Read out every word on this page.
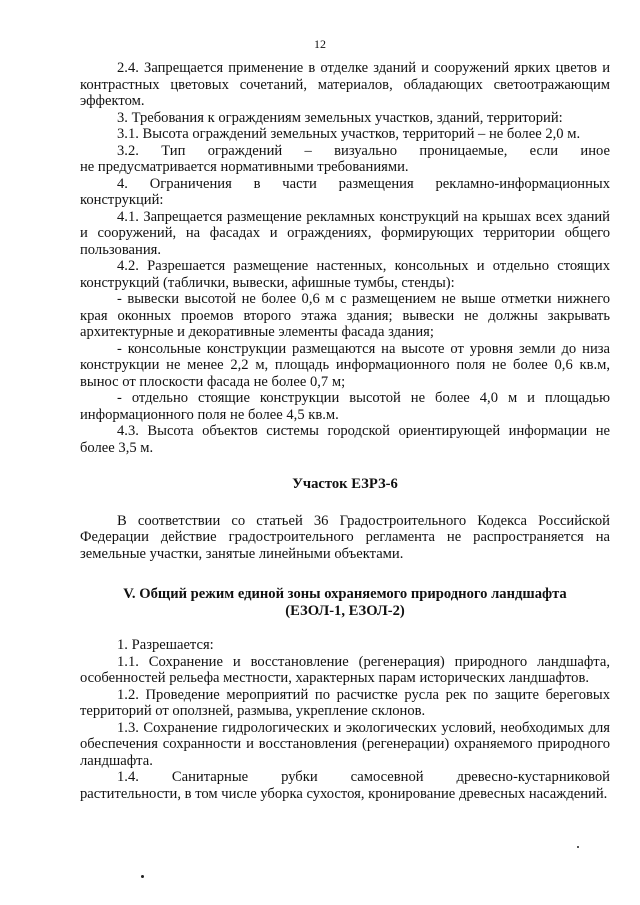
12

2.4. Запрещается применение в отделке зданий и сооружений ярких цветов и контрастных цветовых сочетаний, материалов, обладающих светоотражающим эффектом.

3. Требования к ограждениям земельных участков, зданий, территорий:

3.1. Высота ограждений земельных участков, территорий – не более 2,0 м.

3.2. Тип ограждений – визуально проницаемые, если иное

не предусматривается нормативными требованиями.

4. Ограничения в части размещения рекламно-информационных

конструкций:

4.1. Запрещается размещение рекламных конструкций на крышах всех зданий и сооружений, на фасадах и ограждениях, формирующих территории общего пользования.

4.2. Разрешается размещение настенных, консольных и отдельно стоящих конструкций (таблички, вывески, афишные тумбы, стенды):

- вывески высотой не более 0,6 м с размещением не выше отметки нижнего края оконных проемов второго этажа здания; вывески не должны закрывать архитектурные и декоративные элементы фасада здания;

- консольные конструкции размещаются на высоте от уровня земли до низа конструкции не менее 2,2 м, площадь информационного поля не более 0,6 кв.м, вынос от плоскости фасада не более 0,7 м;

- отдельно стоящие конструкции высотой не более 4,0 м и площадью информационного поля не более 4,5 кв.м.

4.3. Высота объектов системы городской ориентирующей информации не более 3,5 м.

Участок ЕЗРЗ-6

В соответствии со статьей 36 Градостроительного Кодекса Российской Федерации действие градостроительного регламента не распространяется на земельные участки, занятые линейными объектами.

V. Общий режим единой зоны охраняемого природного ландшафта

(ЕЗОЛ-1, ЕЗОЛ-2)

1. Разрешается:

1.1. Сохранение и восстановление (регенерация) природного ландшафта, особенностей рельефа местности, характерных парам исторических ландшафтов.

1.2. Проведение мероприятий по расчистке русла рек по защите береговых территорий от оползней, размыва, укрепление склонов.

1.3. Сохранение гидрологических и экологических условий, необходимых для обеспечения сохранности и восстановления (регенерации) охраняемого природного ландшафта.

1.4. Санитарные рубки самосевной древесно-кустарниковой

растительности, в том числе уборка сухостоя, кронирование древесных насаждений.
